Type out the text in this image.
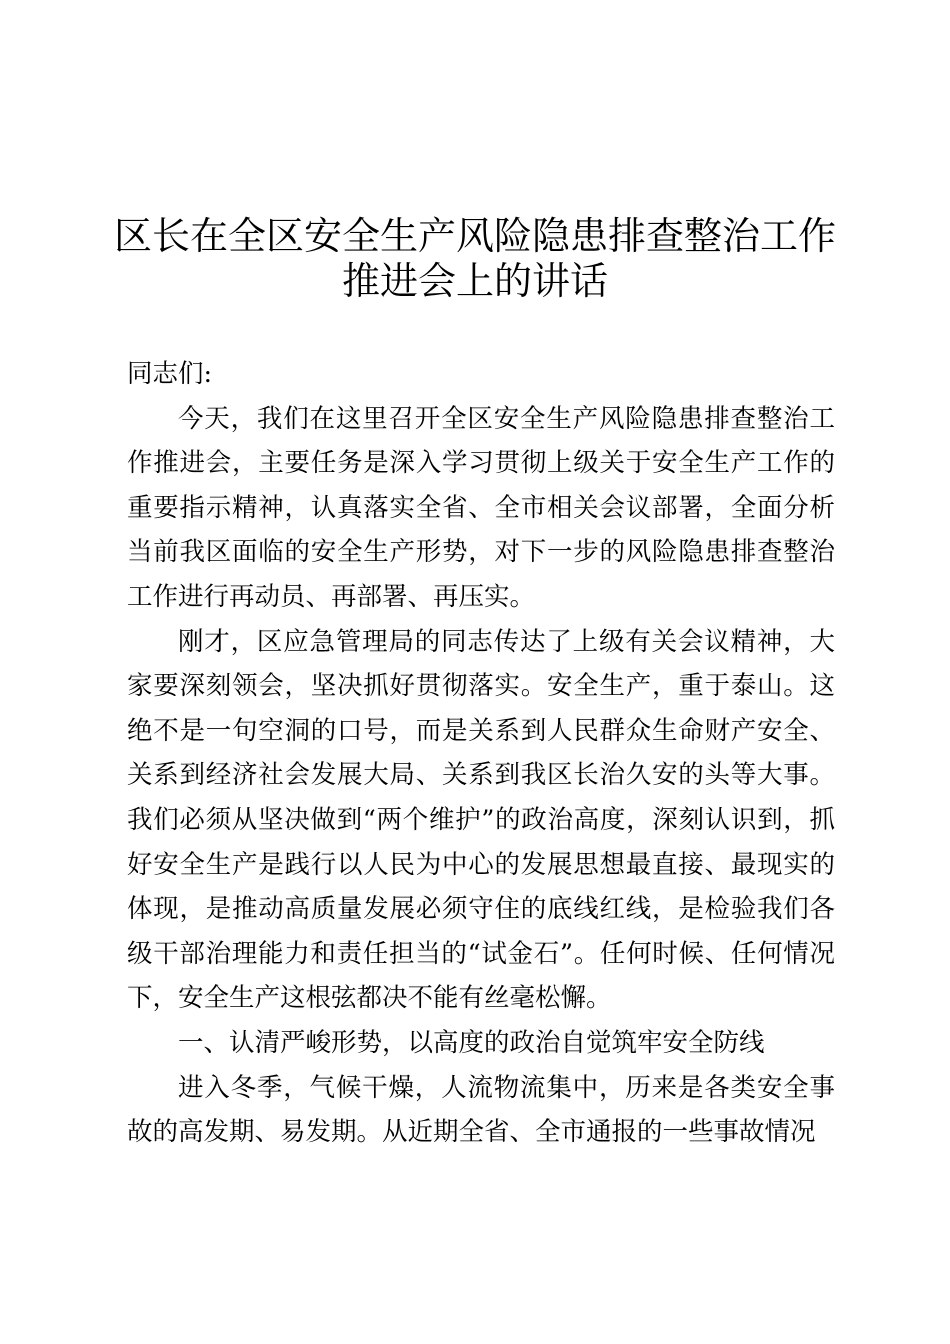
区长在全区安全生产风险隐患排查整治工作
推进会上的讲话

同志们:

今天，我们在这里召开全区安全生产风险隐患排查整治工作推进会，主要任务是深入学习贯彻上级关于安全生产工作的重要指示精神，认真落实全省、全市相关会议部署，全面分析当前我区面临的安全生产形势，对下一步的风险隐患排查整治工作进行再动员、再部署、再压实。

刚才，区应急管理局的同志传达了上级有关会议精神，大家要深刻领会，坚决抓好贯彻落实。安全生产，重于泰山。这绝不是一句空洞的口号，而是关系到人民群众生命财产安全、关系到经济社会发展大局、关系到我区长治久安的头等大事。我们必须从坚决做到“两个维护”的政治高度，深刻认识到，抓好安全生产是践行以人民为中心的发展思想最直接、最现实的体现，是推动高质量发展必须守住的底线红线，是检验我们各级干部治理能力和责任担当的“试金石”。任何时候、任何情况下，安全生产这根弦都决不能有丝毫松懈。

一、认清严峻形势，以高度的政治自觉筑牢安全防线

进入冬季，气候干燥，人流物流集中，历来是各类安全事故的高发期、易发期。从近期全省、全市通报的一些事故情况
